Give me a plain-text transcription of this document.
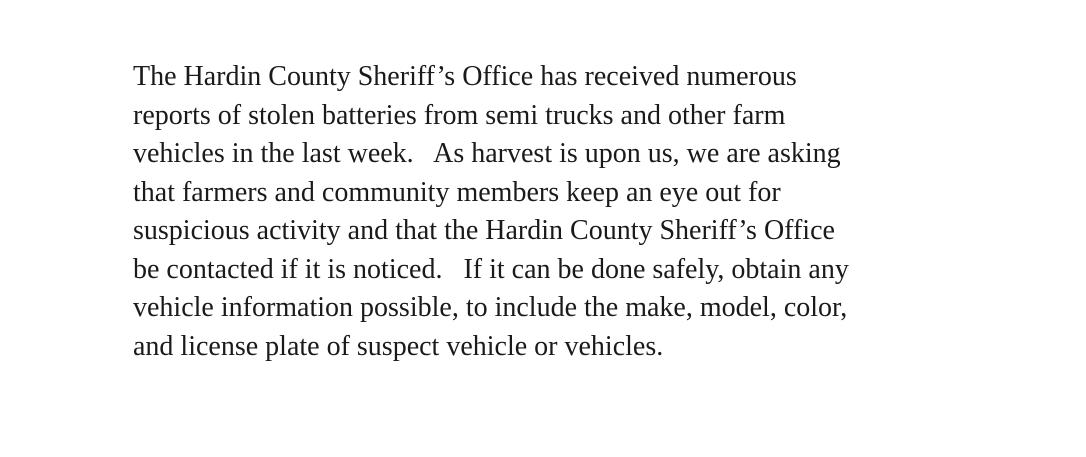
The Hardin County Sheriff’s Office has received numerous
reports of stolen batteries from semi trucks and other farm
vehicles in the last week.   As harvest is upon us, we are asking
that farmers and community members keep an eye out for
suspicious activity and that the Hardin County Sheriff’s Office
be contacted if it is noticed.   If it can be done safely, obtain any
vehicle information possible, to include the make, model, color,
and license plate of suspect vehicle or vehicles.
